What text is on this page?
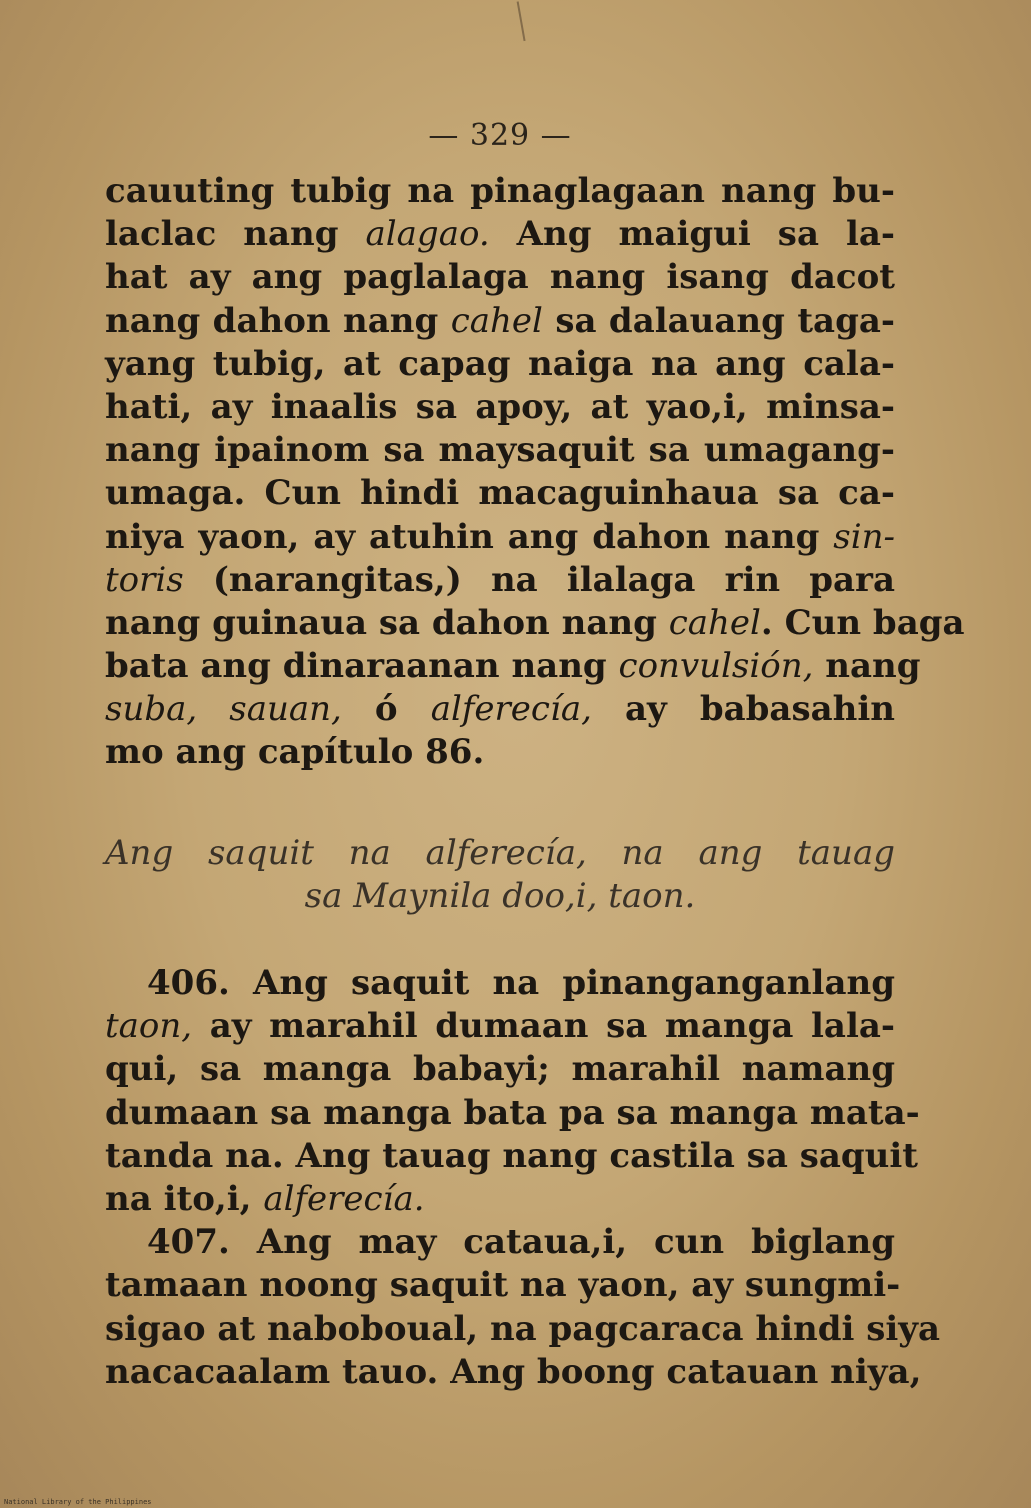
— 329 —
cauuting tubig na pinaglagaan nang bu-
laclac nang alagao. Ang maigui sa la-
hat ay ang paglalaga nang isang dacot
nang dahon nang cahel sa dalauang taga-
yang tubig, at capag naiga na ang cala-
hati, ay inaalis sa apoy, at yao,i, minsa-
nang ipainom sa maysaquit sa umagang-
umaga. Cun hindi macaguinhaua sa ca-
niya yaon, ay atuhin ang dahon nang sin-
toris (narangitas,) na ilalaga rin para
nang guinaua sa dahon nang cahel. Cun baga
bata ang dinaraanan nang convulsión, nang
suba, sauan, ó alferecía, ay babasahin
mo ang capítulo 86.
Ang saquit na alferecía, na ang tauag
sa Maynila doo,i, taon.
406. Ang saquit na pinanganganlang
taon, ay marahil dumaan sa manga lala-
qui, sa manga babayi; marahil namang
dumaan sa manga bata pa sa manga mata-
tanda na. Ang tauag nang castila sa saquit
na ito,i, alferecía.
407. Ang may cataua,i, cun biglang
tamaan noong saquit na yaon, ay sungmi-
sigao at naboboual, na pagcaraca hindi siya
nacacaalam tauo. Ang boong catauan niya,
National Library of the Philippines
